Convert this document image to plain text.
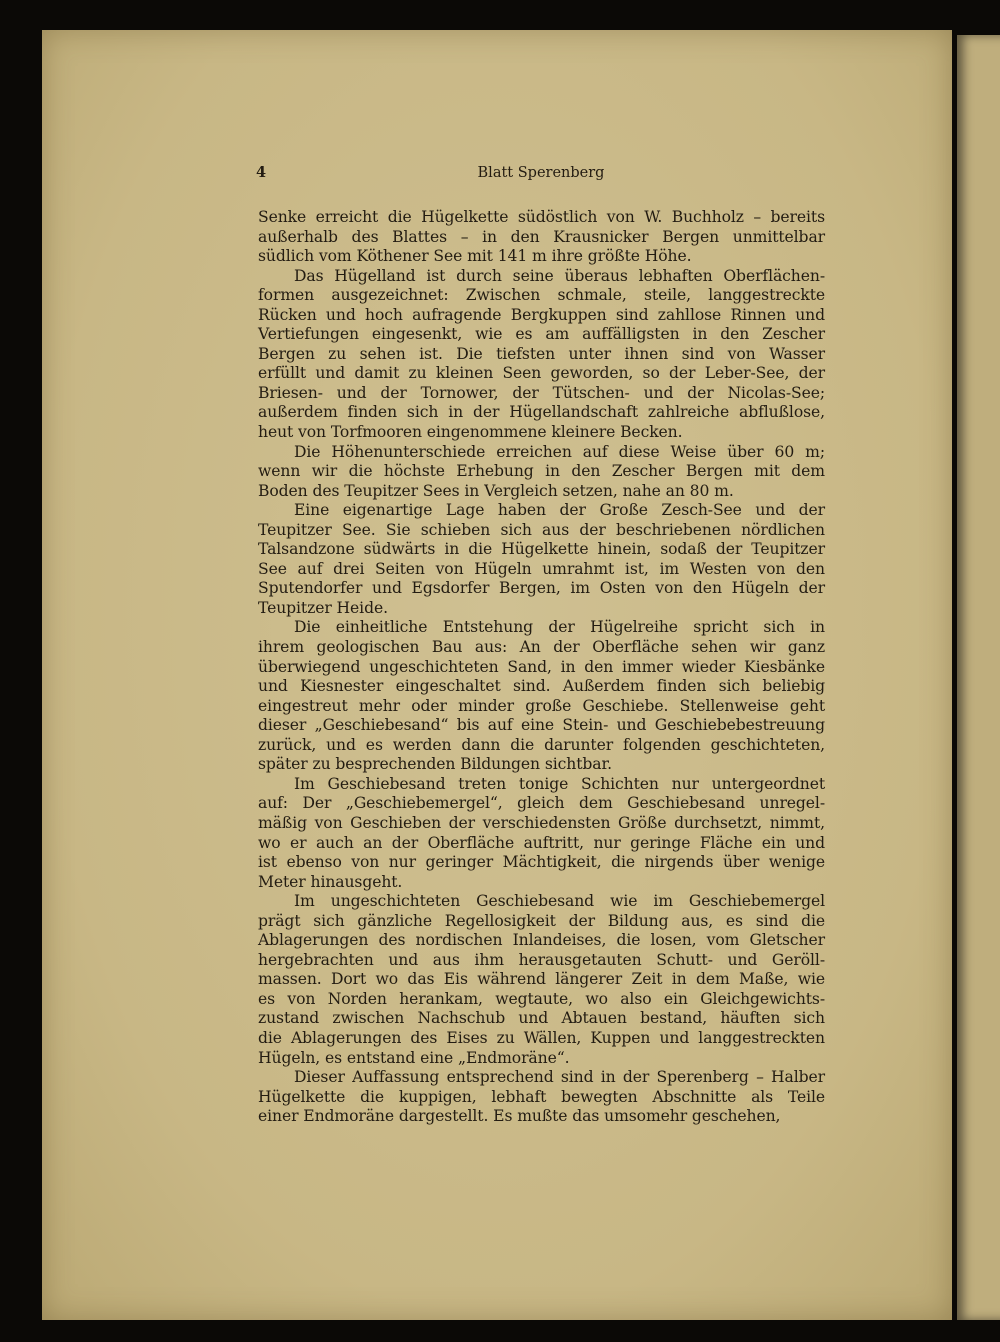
4	Blatt Sperenberg
Senke erreicht die Hügelkette südöstlich von W. Buchholz – bereits
außerhalb des Blattes – in den Krausnicker Bergen unmittelbar
südlich vom Köthener See mit 141 m ihre größte Höhe.
Das Hügelland ist durch seine überaus lebhaften Oberflächen-
formen ausgezeichnet: Zwischen schmale, steile, langgestreckte
Rücken und hoch aufragende Bergkuppen sind zahllose Rinnen und
Vertiefungen eingesenkt, wie es am auffälligsten in den Zescher
Bergen zu sehen ist. Die tiefsten unter ihnen sind von Wasser
erfüllt und damit zu kleinen Seen geworden, so der Leber-See, der
Briesen- und der Tornower, der Tütschen- und der Nicolas-See;
außerdem finden sich in der Hügellandschaft zahlreiche abflußlose,
heut von Torfmooren eingenommene kleinere Becken.
Die Höhenunterschiede erreichen auf diese Weise über 60 m;
wenn wir die höchste Erhebung in den Zescher Bergen mit dem
Boden des Teupitzer Sees in Vergleich setzen, nahe an 80 m.
Eine eigenartige Lage haben der Große Zesch-See und der
Teupitzer See. Sie schieben sich aus der beschriebenen nördlichen
Talsandzone südwärts in die Hügelkette hinein, sodaß der Teupitzer
See auf drei Seiten von Hügeln umrahmt ist, im Westen von den
Sputendorfer und Egsdorfer Bergen, im Osten von den Hügeln der
Teupitzer Heide.
Die einheitliche Entstehung der Hügelreihe spricht sich in
ihrem geologischen Bau aus: An der Oberfläche sehen wir ganz
überwiegend ungeschichteten Sand, in den immer wieder Kiesbänke
und Kiesnester eingeschaltet sind. Außerdem finden sich beliebig
eingestreut mehr oder minder große Geschiebe. Stellenweise geht
dieser „Geschiebesand“ bis auf eine Stein- und Geschiebebestreuung
zurück, und es werden dann die darunter folgenden geschichteten,
später zu besprechenden Bildungen sichtbar.
Im Geschiebesand treten tonige Schichten nur untergeordnet
auf: Der „Geschiebemergel“, gleich dem Geschiebesand unregel-
mäßig von Geschieben der verschiedensten Größe durchsetzt, nimmt,
wo er auch an der Oberfläche auftritt, nur geringe Fläche ein und
ist ebenso von nur geringer Mächtigkeit, die nirgends über wenige
Meter hinausgeht.
Im ungeschichteten Geschiebesand wie im Geschiebemergel
prägt sich gänzliche Regellosigkeit der Bildung aus, es sind die
Ablagerungen des nordischen Inlandeises, die losen, vom Gletscher
hergebrachten und aus ihm herausgetauten Schutt- und Geröll-
massen. Dort wo das Eis während längerer Zeit in dem Maße, wie
es von Norden herankam, wegtaute, wo also ein Gleichgewichts-
zustand zwischen Nachschub und Abtauen bestand, häuften sich
die Ablagerungen des Eises zu Wällen, Kuppen und langgestreckten
Hügeln, es entstand eine „Endmoräne“.
Dieser Auffassung entsprechend sind in der Sperenberg – Halber
Hügelkette die kuppigen, lebhaft bewegten Abschnitte als Teile
einer Endmoräne dargestellt. Es mußte das umsomehr geschehen,
